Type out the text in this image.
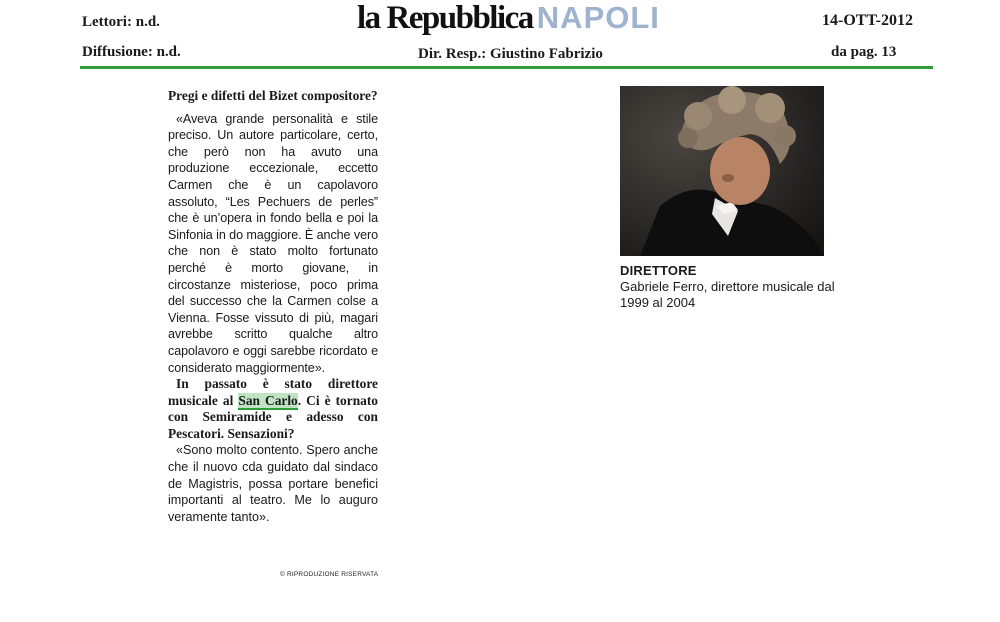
Lettori: n.d.
Diffusione: n.d.
la Repubblica NAPOLI	14-OTT-2012
Dir. Resp.: Giustino Fabrizio	da pag. 13

Pregi e difetti del Bizet compositore?

«Aveva grande personalità e stile preciso. Un autore particolare, certo, che però non ha avuto una produzione eccezionale, eccetto Carmen che è un capolavoro assoluto, “Les Pechuers de perles” che è un’opera in fondo bella e poi la Sinfonia in do maggiore. È anche vero che non è stato molto fortunato perché è morto giovane, in circostanze misteriose, poco prima del successo che la Carmen colse a Vienna. Fosse vissuto di più, magari avrebbe scritto qualche altro capolavoro e oggi sarebbe ricordato e considerato maggiormente».

In passato è stato direttore musicale al San Carlo. Ci è tornato con Semiramide e adesso con Pescatori. Sensazioni?

«Sono molto contento. Spero anche che il nuovo cda guidato dal sindaco de Magistris, possa portare benefici importanti al teatro. Me lo auguro veramente tanto».

© RIPRODUZIONE RISERVATA
DIRETTORE
Gabriele Ferro, direttore musicale dal 1999 al 2004
